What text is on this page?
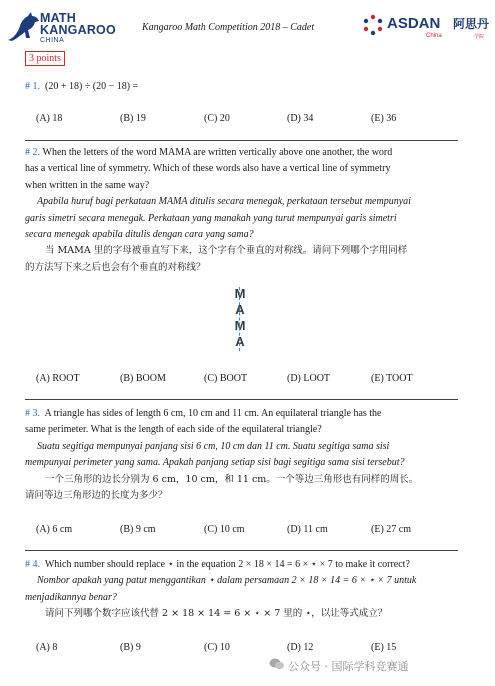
MATH
KANGAROO
CHINA
Kangaroo Math Competition 2018 – Cadet	ASDAN 阿思丹
China	学院
3 points
# 1. (20 + 18) ÷ (20 − 18) =
(A) 18	(B) 19	(C) 20	(D) 34	(E) 36
# 2. When the letters of the word MAMA are written vertically above one another, the word
has a vertical line of symmetry. Which of these words also have a vertical line of symmetry
when written in the same way?
Apabila huruf bagi perkataan MAMA ditulis secara menegak, perkataan tersebut mempunyai
garis simetri secara menegak. Perkataan yang manakah yang turut mempunyai garis simetri
secara menegak apabila ditulis dengan cara yang sama?
当 MAMA 里的字母被垂直写下来，这个字有个垂直的对称线。请问下列哪个字用同样
的方法写下来之后也会有个垂直的对称线？
M
A
M
A
(A) ROOT	(B) BOOM	(C) BOOT	(D) LOOT	(E) TOOT
# 3. A triangle has sides of length 6 cm, 10 cm and 11 cm. An equilateral triangle has the
same perimeter. What is the length of each side of the equilateral triangle?
Suatu segitiga mempunyai panjang sisi 6 cm, 10 cm dan 11 cm. Suatu segitiga sama sisi
mempunyai perimeter yang sama. Apakah panjang setiap sisi bagi segitiga sama sisi tersebut?
一个三角形的边长分别为 6 cm，10 cm，和 11 cm。一个等边三角形也有同样的周长。
请问等边三角形边的长度为多少？
(A) 6 cm	(B) 9 cm	(C) 10 cm	(D) 11 cm	(E) 27 cm
# 4. Which number should replace ⋆ in the equation 2 × 18 × 14 = 6 × ⋆ × 7 to make it correct?
Nombor apakah yang patut menggantikan ⋆ dalam persamaan 2 × 18 × 14 = 6 × ⋆ × 7 untuk
menjadikannya benar?
请问下列哪个数字应该代替 2 × 18 × 14 = 6 × ⋆ × 7 里的 ⋆，以让等式成立？
(A) 8	(B) 9	(C) 10	(D) 12	(E) 15
公众号 · 国际学科竞赛通
